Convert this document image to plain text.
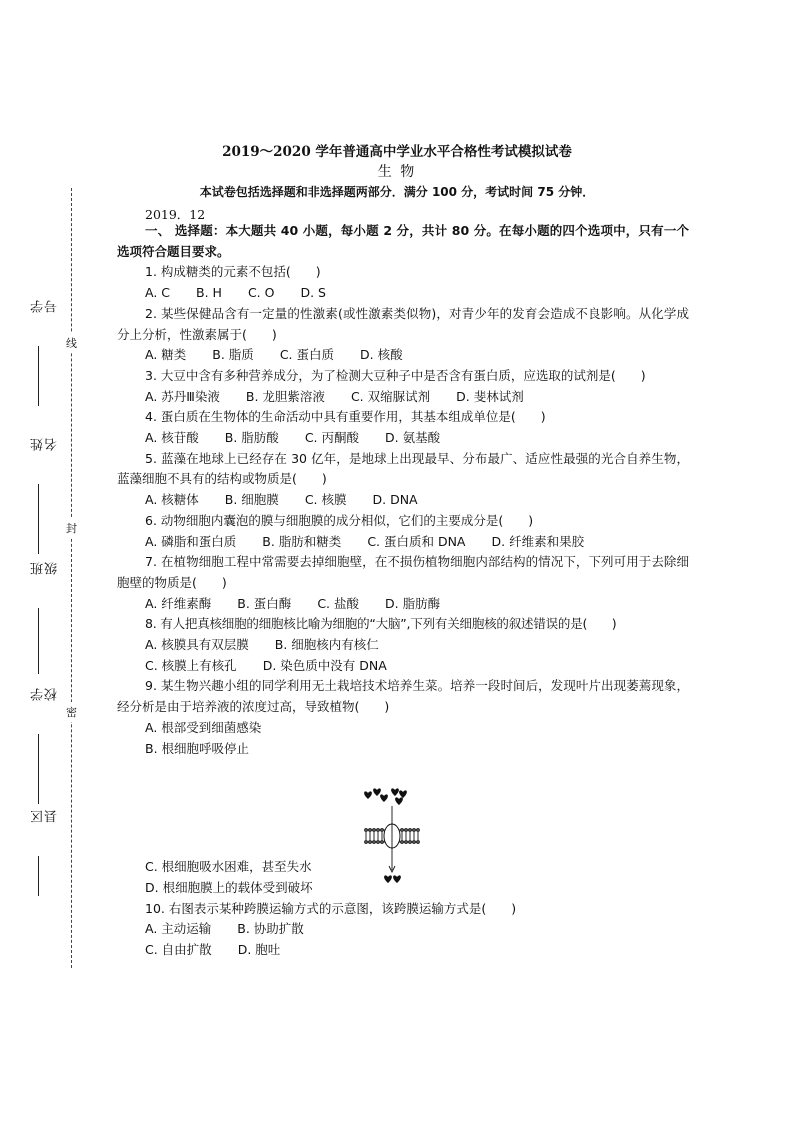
学号
姓名
班级
学校
区县
线
封
密
2019～2020 学年普通高中学业水平合格性考试模拟试卷
生 物
本试卷包括选择题和非选择题两部分．满分 100 分，考试时间 75 分钟．
2019．12

一、 选择题：本大题共 40 小题，每小题 2 分，共计 80 分。在每小题的四个选项中，只有一个选项符合题目要求。

1. 构成糖类的元素不包括(　　)

A. C B. H C. O D. S

2. 某些保健品含有一定量的性激素(或性激素类似物)，对青少年的发育会造成不良影响。从化学成分上分析，性激素属于(　　)

A. 糖类 B. 脂质 C. 蛋白质 D. 核酸

3. 大豆中含有多种营养成分，为了检测大豆种子中是否含有蛋白质，应选取的试剂是(　　)

A. 苏丹Ⅲ染液 B. 龙胆紫溶液 C. 双缩脲试剂 D. 斐林试剂

4. 蛋白质在生物体的生命活动中具有重要作用，其基本组成单位是(　　)

A. 核苷酸 B. 脂肪酸 C. 丙酮酸 D. 氨基酸

5. 蓝藻在地球上已经存在 30 亿年，是地球上出现最早、分布最广、适应性最强的光合自养生物，蓝藻细胞不具有的结构或物质是(　　)

A. 核糖体 B. 细胞膜 C. 核膜 D. DNA

6. 动物细胞内囊泡的膜与细胞膜的成分相似，它们的主要成分是(　　)

A. 磷脂和蛋白质 B. 脂肪和糖类 C. 蛋白质和 DNA D. 纤维素和果胶

7. 在植物细胞工程中常需要去掉细胞壁，在不损伤植物细胞内部结构的情况下，下列可用于去除细胞壁的物质是(　　)

A. 纤维素酶 B. 蛋白酶 C. 盐酸 D. 脂肪酶

8. 有人把真核细胞的细胞核比喻为细胞的“大脑”,下列有关细胞核的叙述错误的是(　　)

A. 核膜具有双层膜 B. 细胞核内有核仁

C. 核膜上有核孔 D. 染色质中没有 DNA

9. 某生物兴趣小组的同学利用无土栽培技术培养生菜。培养一段时间后，发现叶片出现萎蔫现象，经分析是由于培养液的浓度过高，导致植物(　　)

A. 根部受到细菌感染

B. 根细胞呼吸停止

C. 根细胞吸水困难，甚至失水

D. 根细胞膜上的载体受到破坏

10. 右图表示某种跨膜运输方式的示意图，该跨膜运输方式是(　　)

A. 主动运输 B. 协助扩散

C. 自由扩散 D. 胞吐
